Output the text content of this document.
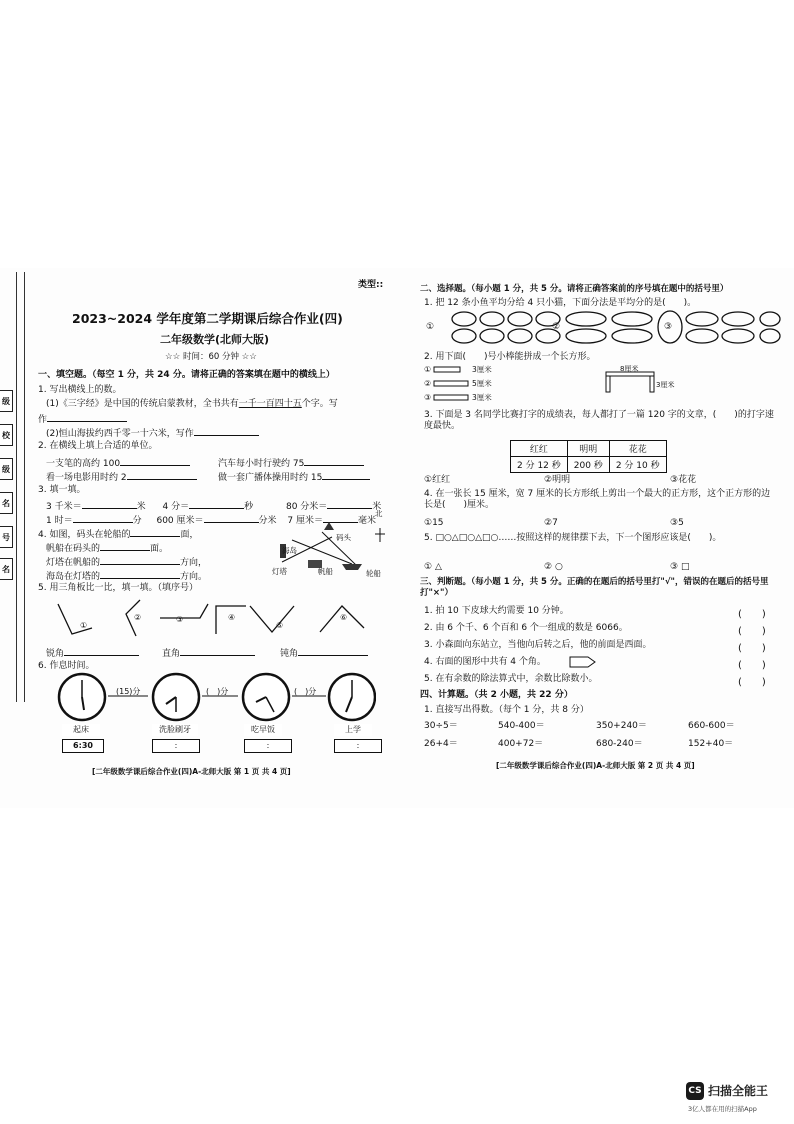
级
校
级
名
号
名
类型::
2023~2024 学年度第二学期课后综合作业(四)
二年级数学(北师大版)
☆☆ 时间：60 分钟 ☆☆
一、填空题。（每空 1 分，共 24 分。请将正确的答案填在题中的横线上）
1. 写出横线上的数。
(1)《三字经》是中国的传统启蒙教材，全书共有一千一百四十五个字。写
作
(2)恒山海拔约西千零一十六米，写作
2. 在横线上填上合适的单位。
一支笔的高约 100	汽车每小时行驶约 75
看一场电影用时约 2	做一套广播体操用时约 15
3. 填一填。
3 千米＝	米 4 分＝	秒	80 分米＝	米
1 时＝	分 600 厘米＝	分米 7 厘米＝	毫米
4. 如图，码头在轮船的	面，
帆船在码头的	面。
灯塔在帆船的	方向，
海岛在灯塔的	方向。
海岛
码头
灯塔	帆船	轮船
北
5. 用三角板比一比，填一填。（填序号）
①
②	③	④
⑤
⑥
锐角	直角	钝角
6. 作息时间。
(15)分	(　)分	(　)分
起床	洗脸刷牙	吃早饭	上学
6:30	:	:	:
[二年级数学课后综合作业(四)A-北师大版 第 1 页 共 4 页]
二、选择题。（每小题 1 分，共 5 分。请将正确答案前的序号填在题中的括号里）
1. 把 12 条小鱼平均分给 4 只小猫，下面分法是平均分的是(　　)。
①	②	③
2. 用下面(　　)号小棒能拼成一个长方形。
①
②
③
3厘米
5厘米
3厘米
8厘米
3厘米
3. 下面是 3 名同学比赛打字的成绩表，每人都打了一篇 120 字的文章，(　　)的打字速度最快。
红红	明明	花花
2 分 12 秒	200 秒	2 分 10 秒
①红红	②明明	③花花
4. 在一张长 15 厘米，宽 7 厘米的长方形纸上剪出一个最大的正方形，这个正方形的边长是(　　)厘米。
①15	②7	③5
5. □○△□○△□○……按照这样的规律摆下去，下一个图形应该是(　　)。
① △	② ○	③ □
三、判断题。（每小题 1 分，共 5 分。正确的在题后的括号里打"√"，错误的在题后的括号里打"×"）
1. 拍 10 下皮球大约需要 10 分钟。
2. 由 6 个千、6 个百和 6 个一组成的数是 6066。
3. 小森面向东站立，当他向后转之后，他的前面是西面。
4. 右面的图形中共有 4 个角。
5. 在有余数的除法算式中，余数比除数小。
(　　)
(　　)
(　　)
(　　)
(　　)
四、计算题。（共 2 小题，共 22 分）
1. 直接写出得数。（每个 1 分，共 8 分）
30÷5＝	540-400＝	350+240＝	660-600＝
26+4＝	400+72＝	680-240＝	152+40＝
[二年级数学课后综合作业(四)A-北师大版 第 2 页 共 4 页]
CS 扫描全能王
3亿人都在用的扫描App
